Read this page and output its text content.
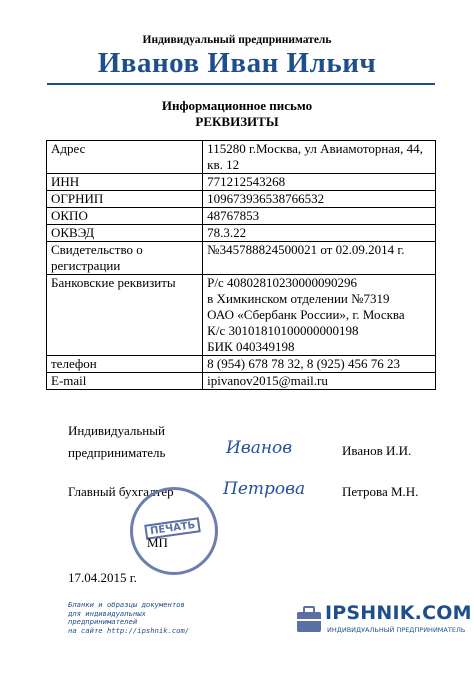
Индивидуальный предприниматель
Иванов Иван Ильич
Информационное письмо
РЕКВИЗИТЫ
Адрес	115280 г.Москва, ул Авиамоторная, 44, кв. 12
ИНН	771212543268
ОГРНИП	109673936538766532
ОКПО	48767853
ОКВЭД	78.3.22
Свидетельство о регистрации	№345788824500021 от 02.09.2014 г.
Банковские реквизиты	Р/с 40802810230000090296
в Химкинском отделении №7319
ОАО «Сбербанк России», г. Москва
К/с 30101810100000000198
БИК 040349198
телефон	8 (954) 678 78 32, 8 (925) 456 76 23
E-mail	ipivanov2015@mail.ru
Индивидуальный
предприниматель	Иванов	Иванов И.И.
Главный бухгалтер	Петрова	Петрова М.Н.
ПЕЧАТЬ
МП
17.04.2015 г.
Бланки и образцы документов
для индивидуальных
предпринимателей
на сайте http://ipshnik.com/
IPSHNIK.COM
ИНДИВИДУАЛЬНЫЙ ПРЕДПРИНИМАТЕЛЬ
